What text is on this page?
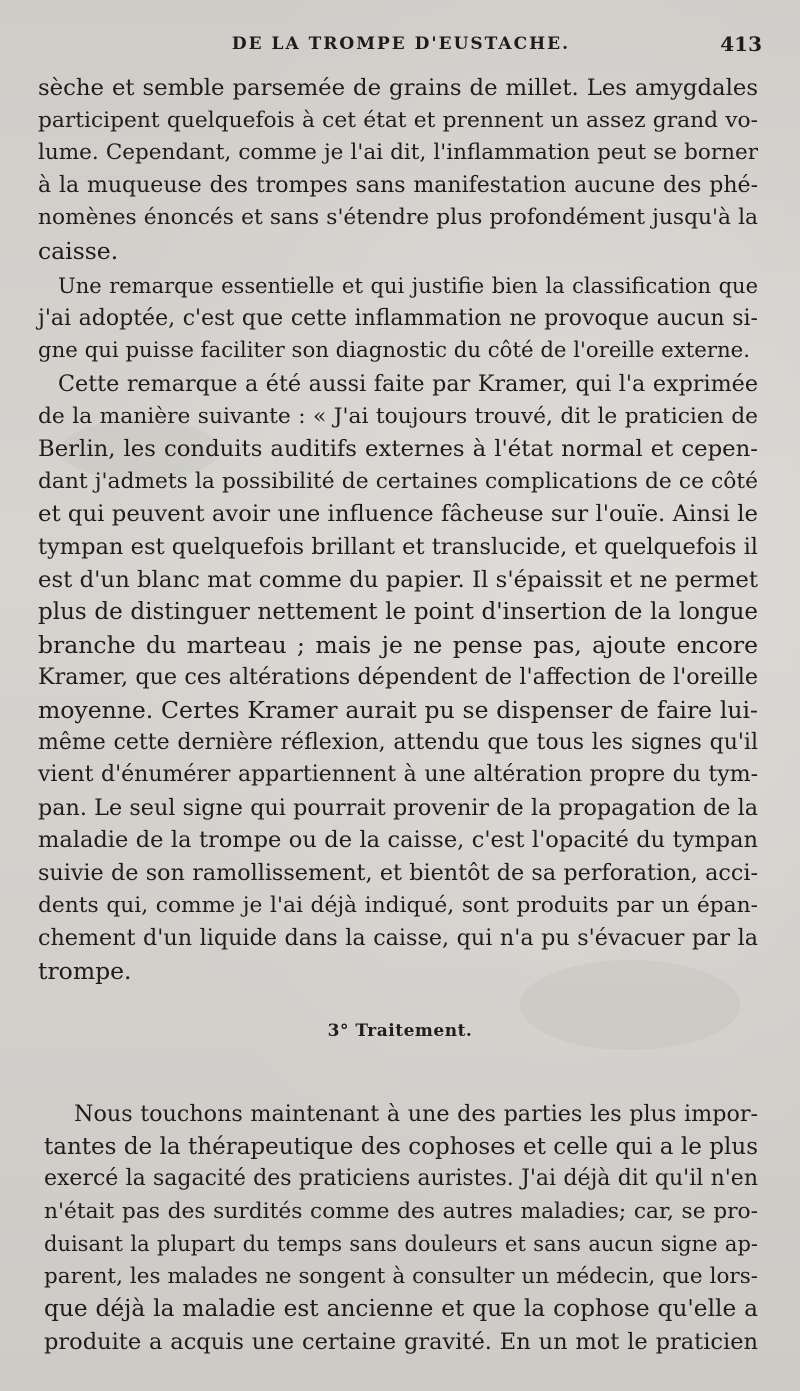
DE LA TROMPE D'EUSTACHE.	413

sèche et semble parsemée de grains de millet. Les amygdales
participent quelquefois à cet état et prennent un assez grand vo-
lume. Cependant, comme je l'ai dit, l'inflammation peut se borner
à la muqueuse des trompes sans manifestation aucune des phé-
nomènes énoncés et sans s'étendre plus profondément jusqu'à la
caisse.

Une remarque essentielle et qui justifie bien la classification que
j'ai adoptée, c'est que cette inflammation ne provoque aucun si-
gne qui puisse faciliter son diagnostic du côté de l'oreille externe.

Cette remarque a été aussi faite par Kramer, qui l'a exprimée
de la manière suivante : « J'ai toujours trouvé, dit le praticien de
Berlin, les conduits auditifs externes à l'état normal et cepen-
dant j'admets la possibilité de certaines complications de ce côté
et qui peuvent avoir une influence fâcheuse sur l'ouïe. Ainsi le
tympan est quelquefois brillant et translucide, et quelquefois il
est d'un blanc mat comme du papier. Il s'épaissit et ne permet
plus de distinguer nettement le point d'insertion de la longue
branche du marteau ; mais je ne pense pas, ajoute encore
Kramer, que ces altérations dépendent de l'affection de l'oreille
moyenne. Certes Kramer aurait pu se dispenser de faire lui-
même cette dernière réflexion, attendu que tous les signes qu'il
vient d'énumérer appartiennent à une altération propre du tym-
pan. Le seul signe qui pourrait provenir de la propagation de la
maladie de la trompe ou de la caisse, c'est l'opacité du tympan
suivie de son ramollissement, et bientôt de sa perforation, acci-
dents qui, comme je l'ai déjà indiqué, sont produits par un épan-
chement d'un liquide dans la caisse, qui n'a pu s'évacuer par la
trompe.

3° Traitement.

Nous touchons maintenant à une des parties les plus impor-
tantes de la thérapeutique des cophoses et celle qui a le plus
exercé la sagacité des praticiens auristes. J'ai déjà dit qu'il n'en
n'était pas des surdités comme des autres maladies; car, se pro-
duisant la plupart du temps sans douleurs et sans aucun signe ap-
parent, les malades ne songent à consulter un médecin, que lors-
que déjà la maladie est ancienne et que la cophose qu'elle a
produite a acquis une certaine gravité. En un mot le praticien
